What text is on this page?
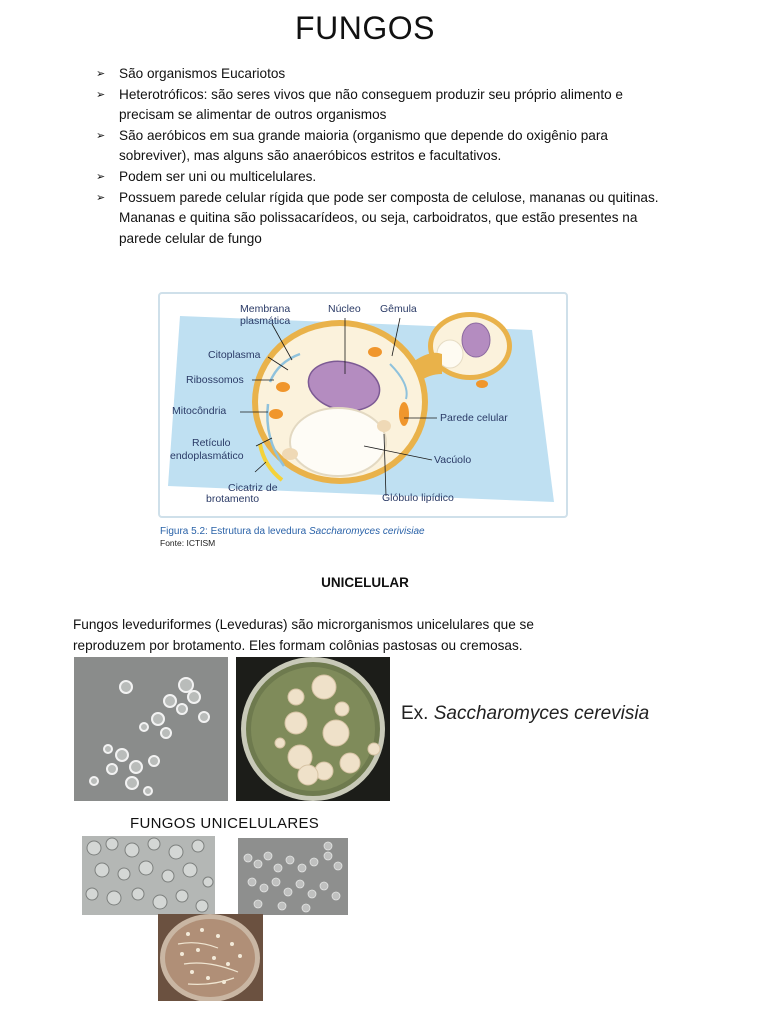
FUNGOS
➢ São organismos Eucariotos
➢ Heterotróficos: são seres vivos que não conseguem produzir seu próprio alimento e precisam se alimentar de outros organismos
➢ São aeróbicos em sua grande maioria (organismo que depende do oxigênio para sobreviver), mas alguns são anaeróbicos estritos e facultativos.
➢ Podem ser uni ou multicelulares.
➢ Possuem parede celular rígida que pode ser composta de celulose, mananas ou quitinas.
Mananas e quitina são polissacarídeos, ou seja, carboidratos, que estão presentes na parede celular de fungo
Membrana
plasmática
Núcleo Gêmula
Citoplasma
Ribossomos
Mitocôndria
Retículo
endoplasmático
Cicatriz de
brotamento
Parede celular
Vacúolo
Glóbulo lipídico
Figura 5.2: Estrutura da levedura Saccharomyces cerivisiae
Fonte: ICTISM
UNICELULAR
Fungos leveduriformes (Leveduras) são microrganismos unicelulares que se reproduzem por brotamento. Eles formam colônias pastosas ou cremosas.
Ex. Saccharomyces cerevisia
FUNGOS UNICELULARES
